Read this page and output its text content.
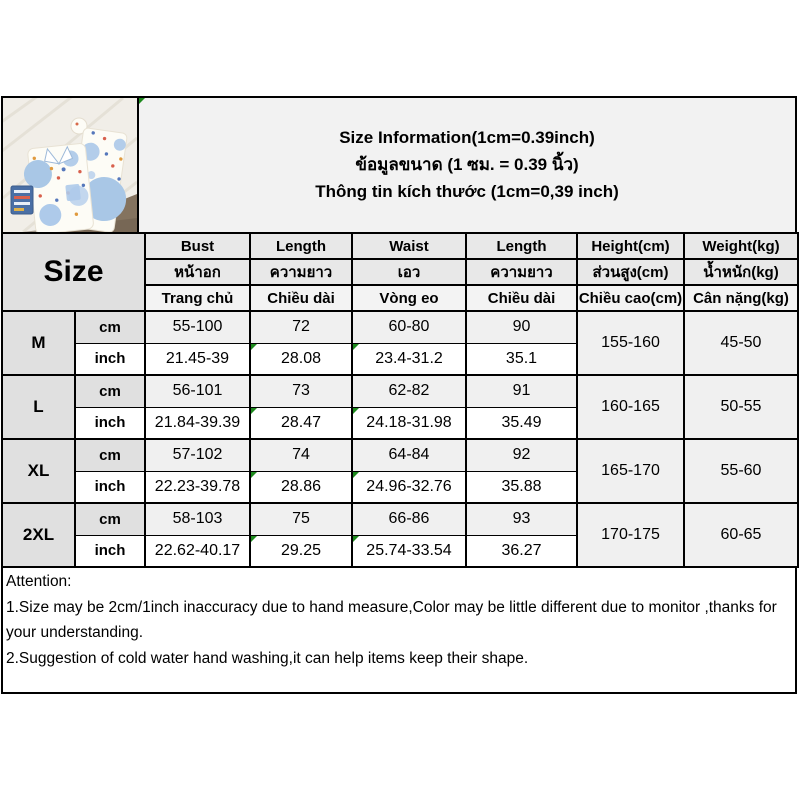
Size Information(1cm=0.39inch)

ข้อมูลขนาด (1 ซม. = 0.39 นิ้ว)

Thông tin kích thước (1cm=0,39 inch)

Size		Bust	Length	Waist	Length	Height(cm)	Weight(kg)
		หน้าอก	ความยาว	เอว	ความยาว	ส่วนสูง(cm)	น้ำหนัก(kg)
		Trang chủ	Chiều dài	Vòng eo	Chiều dài	Chiều cao(cm)	Cân nặng(kg)
M	cm	55-100	72	60-80	90	155-160	45-50
	inch	21.45-39	28.08	23.4-31.2	35.1		
L	cm	56-101	73	62-82	91	160-165	50-55
	inch	21.84-39.39	28.47	24.18-31.98	35.49		
XL	cm	57-102	74	64-84	92	165-170	55-60
	inch	22.23-39.78	28.86	24.96-32.76	35.88		
2XL	cm	58-103	75	66-86	93	170-175	60-65
	inch	22.62-40.17	29.25	25.74-33.54	36.27		

Attention:

1.Size may be 2cm/1inch inaccuracy due to hand measure,Color may be little different due to monitor ,thanks for your understanding.

2.Suggestion of cold water hand washing,it can help items keep their shape.
